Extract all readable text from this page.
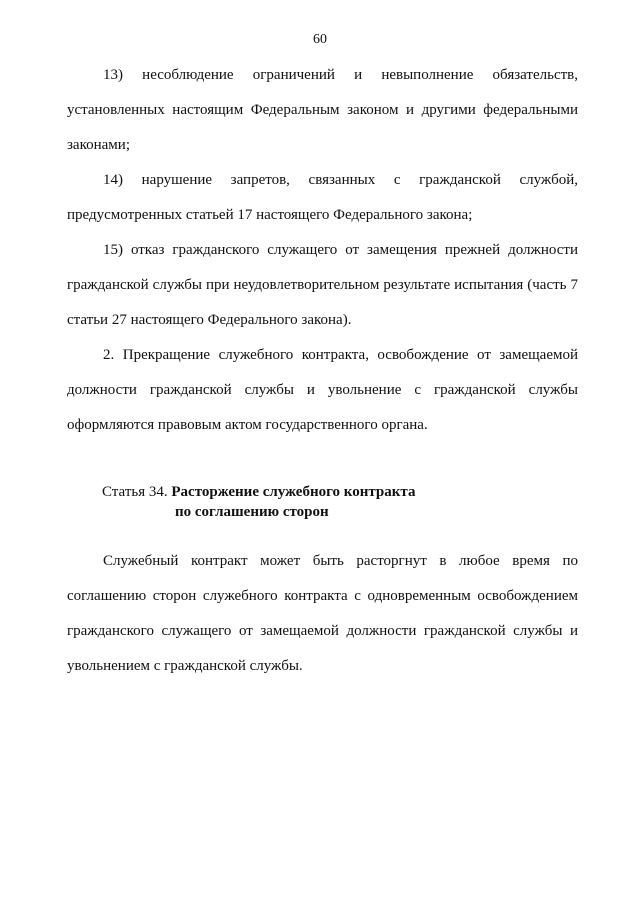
60

13) несоблюдение ограничений и невыполнение обязательств, установленных настоящим Федеральным законом и другими федеральными законами;

14) нарушение запретов, связанных с гражданской службой, предусмотренных статьей 17 настоящего Федерального закона;

15) отказ гражданского служащего от замещения прежней должности гражданской службы при неудовлетворительном результате испытания (часть 7 статьи 27 настоящего Федерального закона).

2. Прекращение служебного контракта, освобождение от замещаемой должности гражданской службы и увольнение с гражданской службы оформляются правовым актом государственного органа.

Статья 34. Расторжение служебного контракта
по соглашению сторон

Служебный контракт может быть расторгнут в любое время по соглашению сторон служебного контракта с одновременным освобождением гражданского служащего от замещаемой должности гражданской службы и увольнением с гражданской службы.
